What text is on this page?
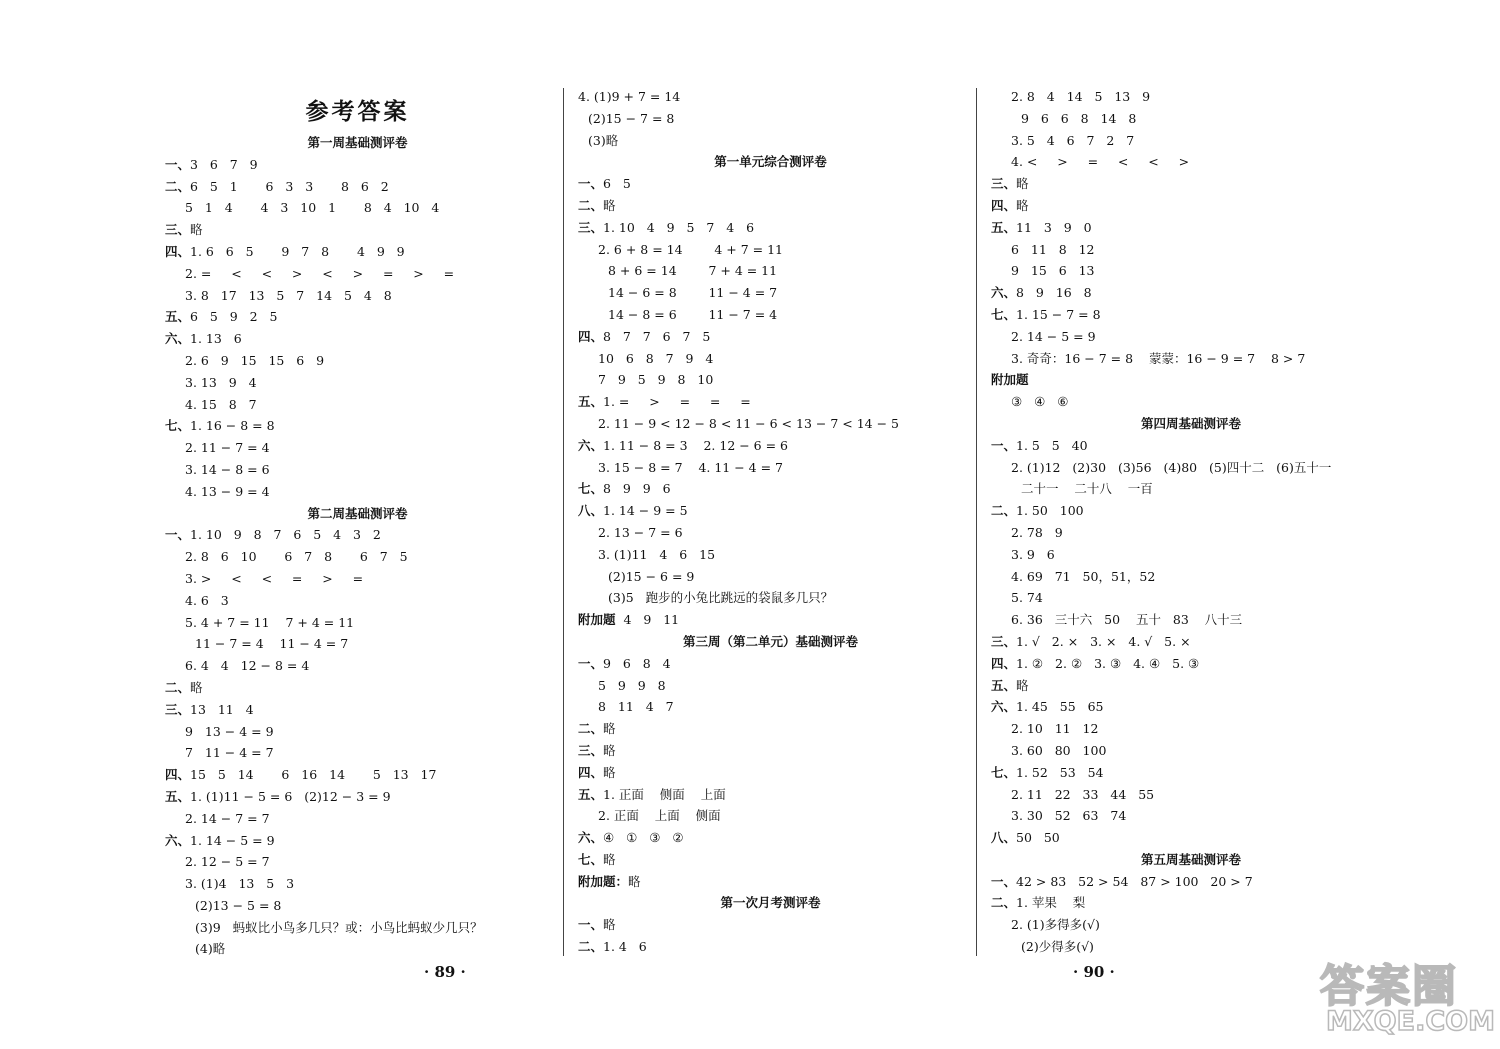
参考答案
第一周基础测评卷
一、3   6   7   9
二、6   5   1       6   3   3       8   6   2
5   1   4       4   3   10   1       8   4   10   4
三、略
四、1. 6   6   5       9   7   8       4   9   9
2. =     <     <     >     <     >     =     >     =
3. 8   17   13   5   7   14   5   4   8
五、6   5   9   2   5
六、1. 13   6
2. 6   9   15   15   6   9
3. 13   9   4
4. 15   8   7
七、1. 16 − 8 = 8
2. 11 − 7 = 4
3. 14 − 8 = 6
4. 13 − 9 = 4
第二周基础测评卷
一、1. 10   9   8   7   6   5   4   3   2
2. 8   6   10       6   7   8       6   7   5
3. >     <     <     =     >     =
4. 6   3
5. 4 + 7 = 11    7 + 4 = 11
11 − 7 = 4    11 − 4 = 7
6. 4   4   12 − 8 = 4
二、略
三、13   11   4
9   13 − 4 = 9
7   11 − 4 = 7
四、15   5   14       6   16   14       5   13   17
五、1. (1)11 − 5 = 6   (2)12 − 3 = 9
2. 14 − 7 = 7
六、1. 14 − 5 = 9
2. 12 − 5 = 7
3. (1)4   13   5   3
(2)13 − 5 = 8
(3)9   蚂蚁比小鸟多几只？或：小鸟比蚂蚁少几只？
(4)略
4. (1)9 + 7 = 14
(2)15 − 7 = 8
(3)略
第一单元综合测评卷
一、6   5
二、略
三、1. 10   4   9   5   7   4   6
2. 6 + 8 = 14        4 + 7 = 11
8 + 6 = 14        7 + 4 = 11
14 − 6 = 8        11 − 4 = 7
14 − 8 = 6        11 − 7 = 4
四、8   7   7   6   7   5
10   6   8   7   9   4
7   9   5   9   8   10
五、1. =     >     =     =     =
2. 11 − 9 < 12 − 8 < 11 − 6 < 13 − 7 < 14 − 5
六、1. 11 − 8 = 3    2. 12 − 6 = 6
3. 15 − 8 = 7    4. 11 − 4 = 7
七、8   9   9   6
八、1. 14 − 9 = 5
2. 13 − 7 = 6
3. (1)11   4   6   15
(2)15 − 6 = 9
(3)5   跑步的小兔比跳远的袋鼠多几只？
附加题  4   9   11
第三周（第二单元）基础测评卷
一、9   6   8   4
5   9   9   8
8   11   4   7
二、略
三、略
四、略
五、1. 正面    侧面    上面
2. 正面    上面    侧面
六、④   ①   ③   ②
七、略
附加题：略
第一次月考测评卷
一、略
二、1. 4   6
2. 8   4   14   5   13   9
9   6   6   8   14   8
3. 5   4   6   7   2   7
4. <     >     =     <     <     >
三、略
四、略
五、11   3   9   0
6   11   8   12
9   15   6   13
六、8   9   16   8
七、1. 15 − 7 = 8
2. 14 − 5 = 9
3. 奇奇：16 − 7 = 8    蒙蒙：16 − 9 = 7    8 > 7
附加题
③   ④   ⑥
第四周基础测评卷
一、1. 5   5   40
2. (1)12   (2)30   (3)56   (4)80   (5)四十二   (6)五十一
二十一    二十八    一百
二、1. 50   100
2. 78   9
3. 9   6
4. 69   71   50，51，52
5. 74
6. 36   三十六   50    五十   83    八十三
三、1. √   2. ×   3. ×   4. √   5. ×
四、1. ②   2. ②   3. ③   4. ④   5. ③
五、略
六、1. 45   55   65
2. 10   11   12
3. 60   80   100
七、1. 52   53   54
2. 11   22   33   44   55
3. 30   52   63   74
八、50   50
第五周基础测评卷
一、42 > 83   52 > 54   87 > 100   20 > 7
二、1. 苹果    梨
2. (1)多得多(√)
(2)少得多(√)
· 89 ·	· 90 ·	答案圈
MXQE.COM
